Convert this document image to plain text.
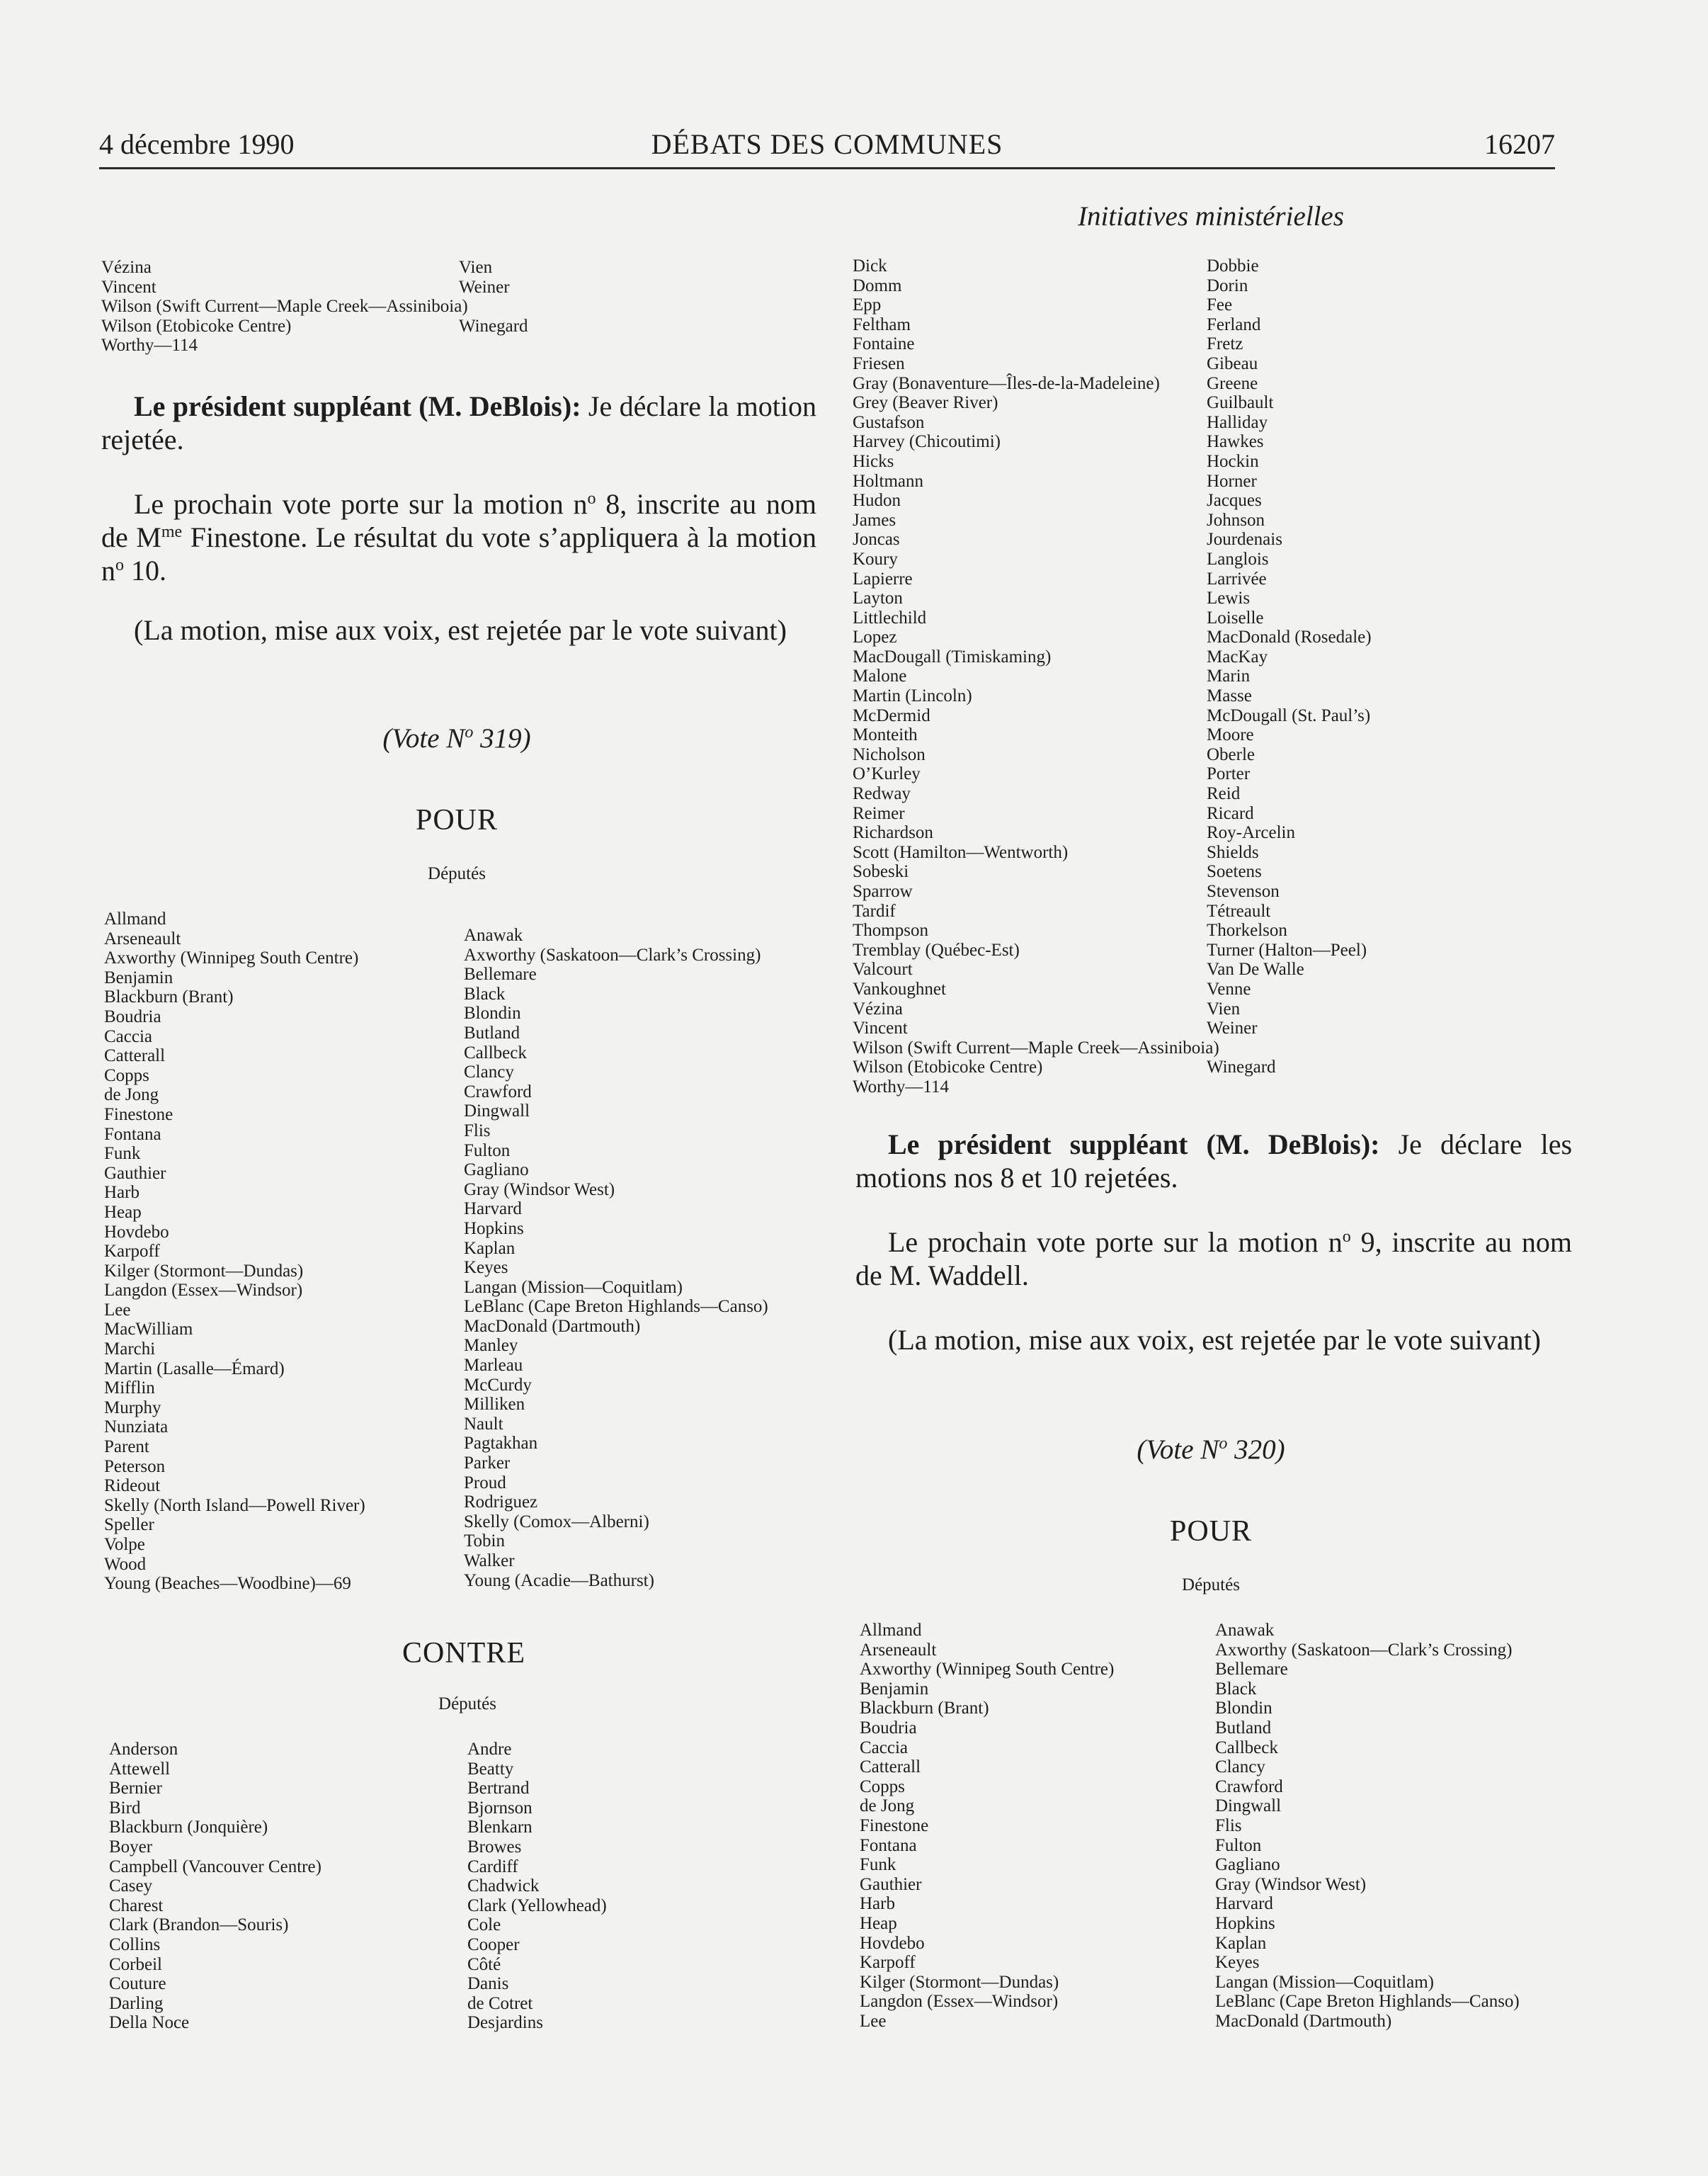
4 décembre 1990	DÉBATS DES COMMUNES	16207
Initiatives ministérielles
Vézina
Vincent
Wilson (Swift Current—Maple Creek—Assiniboia)
Wilson (Etobicoke Centre)
Worthy—114
Vien
Weiner

Winegard

Le président suppléant (M. DeBlois): Je déclare la motion rejetée.
Le prochain vote porte sur la motion $n^o$ 8, inscrite au nom de $M^{me}$ Finestone. Le résultat du vote s’appliquera à la motion $n^o$ 10.
(La motion, mise aux voix, est rejetée par le vote suivant)
(Vote $N^o$ 319)
POUR
Députés
Allmand
Arseneault
Axworthy (Winnipeg South Centre)
Benjamin
Blackburn (Brant)
Boudria
Caccia
Catterall
Copps
de Jong
Finestone
Fontana
Funk
Gauthier
Harb
Heap
Hovdebo
Karpoff
Kilger (Stormont—Dundas)
Langdon (Essex—Windsor)
Lee
MacWilliam
Marchi
Martin (Lasalle—Émard)
Mifflin
Murphy
Nunziata
Parent
Peterson
Rideout
Skelly (North Island—Powell River)
Speller
Volpe
Wood
Young (Beaches—Woodbine)—69
Anawak
Axworthy (Saskatoon—Clark’s Crossing)
Bellemare
Black
Blondin
Butland
Callbeck
Clancy
Crawford
Dingwall
Flis
Fulton
Gagliano
Gray (Windsor West)
Harvard
Hopkins
Kaplan
Keyes
Langan (Mission—Coquitlam)
LeBlanc (Cape Breton Highlands—Canso)
MacDonald (Dartmouth)
Manley
Marleau
McCurdy
Milliken
Nault
Pagtakhan
Parker
Proud
Rodriguez
Skelly (Comox—Alberni)
Tobin
Walker
Young (Acadie—Bathurst)
CONTRE
Députés
Anderson
Attewell
Bernier
Bird
Blackburn (Jonquière)
Boyer
Campbell (Vancouver Centre)
Casey
Charest
Clark (Brandon—Souris)
Collins
Corbeil
Couture
Darling
Della Noce
Andre
Beatty
Bertrand
Bjornson
Blenkarn
Browes
Cardiff
Chadwick
Clark (Yellowhead)
Cole
Cooper
Côté
Danis
de Cotret
Desjardins
Dick
Domm
Epp
Feltham
Fontaine
Friesen
Gray (Bonaventure—Îles-de-la-Madeleine)
Grey (Beaver River)
Gustafson
Harvey (Chicoutimi)
Hicks
Holtmann
Hudon
James
Joncas
Koury
Lapierre
Layton
Littlechild
Lopez
MacDougall (Timiskaming)
Malone
Martin (Lincoln)
McDermid
Monteith
Nicholson
O’Kurley
Redway
Reimer
Richardson
Scott (Hamilton—Wentworth)
Sobeski
Sparrow
Tardif
Thompson
Tremblay (Québec-Est)
Valcourt
Vankoughnet
Vézina
Vincent
Wilson (Swift Current—Maple Creek—Assiniboia)
Wilson (Etobicoke Centre)
Worthy—114
Dobbie
Dorin
Fee
Ferland
Fretz
Gibeau
Greene
Guilbault
Halliday
Hawkes
Hockin
Horner
Jacques
Johnson
Jourdenais
Langlois
Larrivée
Lewis
Loiselle
MacDonald (Rosedale)
MacKay
Marin
Masse
McDougall (St. Paul’s)
Moore
Oberle
Porter
Reid
Ricard
Roy-Arcelin
Shields
Soetens
Stevenson
Tétreault
Thorkelson
Turner (Halton—Peel)
Van De Walle
Venne
Vien
Weiner

Winegard

Le président suppléant (M. DeBlois): Je déclare les motions nos 8 et 10 rejetées.
Le prochain vote porte sur la motion $n^o$ 9, inscrite au nom de M. Waddell.
(La motion, mise aux voix, est rejetée par le vote suivant)
(Vote $N^o$ 320)
POUR
Députés
Allmand
Arseneault
Axworthy (Winnipeg South Centre)
Benjamin
Blackburn (Brant)
Boudria
Caccia
Catterall
Copps
de Jong
Finestone
Fontana
Funk
Gauthier
Harb
Heap
Hovdebo
Karpoff
Kilger (Stormont—Dundas)
Langdon (Essex—Windsor)
Lee
Anawak
Axworthy (Saskatoon—Clark’s Crossing)
Bellemare
Black
Blondin
Butland
Callbeck
Clancy
Crawford
Dingwall
Flis
Fulton
Gagliano
Gray (Windsor West)
Harvard
Hopkins
Kaplan
Keyes
Langan (Mission—Coquitlam)
LeBlanc (Cape Breton Highlands—Canso)
MacDonald (Dartmouth)
